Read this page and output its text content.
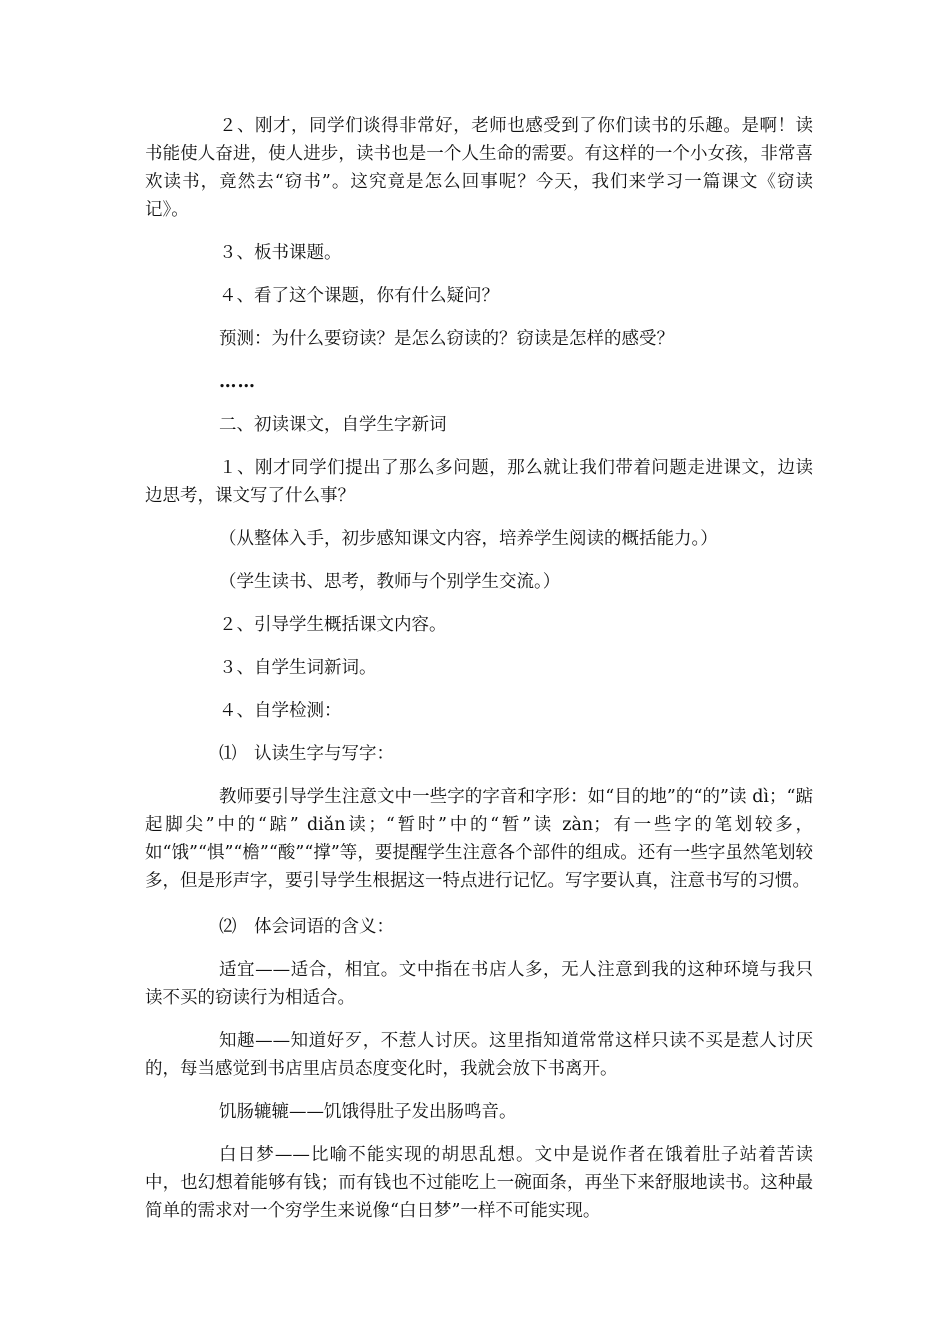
２、刚才，同学们谈得非常好，老师也感受到了你们读书的乐趣。是啊！读书能使人奋进，使人进步，读书也是一个人生命的需要。有这样的一个小女孩，非常喜欢读书，竟然去“窃书”。这究竟是怎么回事呢？今天，我们来学习一篇课文《窃读记》。

３、板书课题。

４、看了这个课题，你有什么疑问？

预测：为什么要窃读？是怎么窃读的？窃读是怎样的感受？

……

二、初读课文，自学生字新词

１、刚才同学们提出了那么多问题，那么就让我们带着问题走进课文，边读边思考，课文写了什么事？

（从整体入手，初步感知课文内容，培养学生阅读的概括能力。）

（学生读书、思考，教师与个别学生交流。）

２、引导学生概括课文内容。

３、自学生词新词。

４、自学检测：

⑴　认读生字与写字：

教师要引导学生注意文中一些字的字音和字形：如“目的地”的“的”读 dì；“踮起脚尖”中的“踮” diǎn读；“暂时”中的“暂”读 zàn；有一些字的笔划较多，如“饿”“惧”“檐”“酸”“撑”等，要提醒学生注意各个部件的组成。还有一些字虽然笔划较多，但是形声字，要引导学生根据这一特点进行记忆。写字要认真，注意书写的习惯。

⑵　体会词语的含义：

适宜——适合，相宜。文中指在书店人多，无人注意到我的这种环境与我只读不买的窃读行为相适合。

知趣——知道好歹，不惹人讨厌。这里指知道常常这样只读不买是惹人讨厌的，每当感觉到书店里店员态度变化时，我就会放下书离开。

饥肠辘辘——饥饿得肚子发出肠鸣音。

白日梦——比喻不能实现的胡思乱想。文中是说作者在饿着肚子站着苦读中，也幻想着能够有钱；而有钱也不过能吃上一碗面条，再坐下来舒服地读书。这种最简单的需求对一个穷学生来说像“白日梦”一样不可能实现。
